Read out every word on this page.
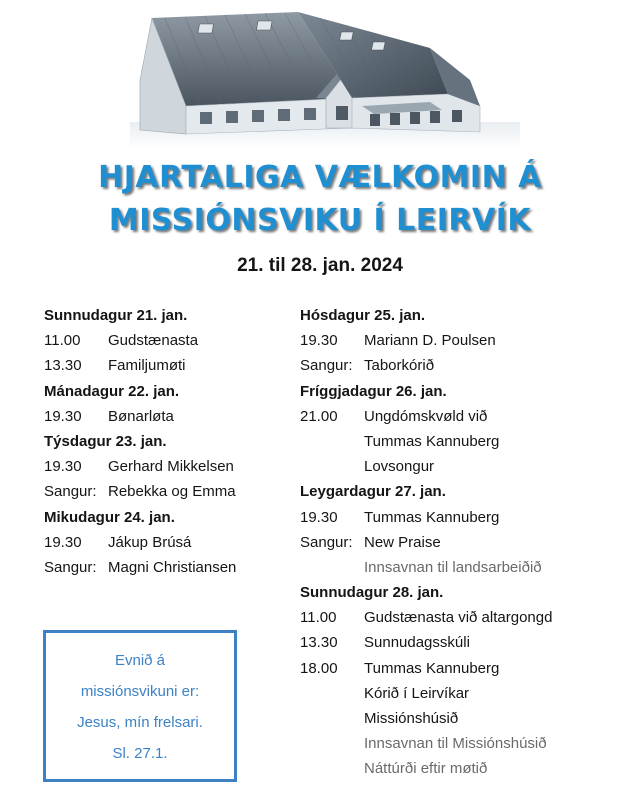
HJARTALIGA VÆLKOMIN Á
MISSIÓNSVIKU Í LEIRVÍK
21. til 28. jan. 2024
Sunnudagur 21. jan.
11.00 Gudstænasta
13.30 Familjumøti
Mánadagur 22. jan.
19.30 Bønarløta
Týsdagur 23. jan.
19.30 Gerhard Mikkelsen
Sangur: Rebekka og Emma
Mikudagur 24. jan.
19.30 Jákup Brúsá
Sangur: Magni Christiansen
Hósdagur 25. jan.
19.30 Mariann D. Poulsen
Sangur: Taborkórið
Fríggjadagur 26. jan.
21.00 Ungdómskvøld við
Tummas Kannuberg
Lovsongur
Leygardagur 27. jan.
19.30 Tummas Kannuberg
Sangur: New Praise
Innsavnan til landsarbeiðið
Sunnudagur 28. jan.
11.00 Gudstænasta við altargongd
13.30 Sunnudagsskúli
18.00 Tummas Kannuberg
Kórið í Leirvíkar
Missiónshúsið
Innsavnan til Missiónshúsið
Náttúrði eftir møtið
Evnið á
missiónsvikuni er:
Jesus, mín frelsari.
Sl. 27.1.
